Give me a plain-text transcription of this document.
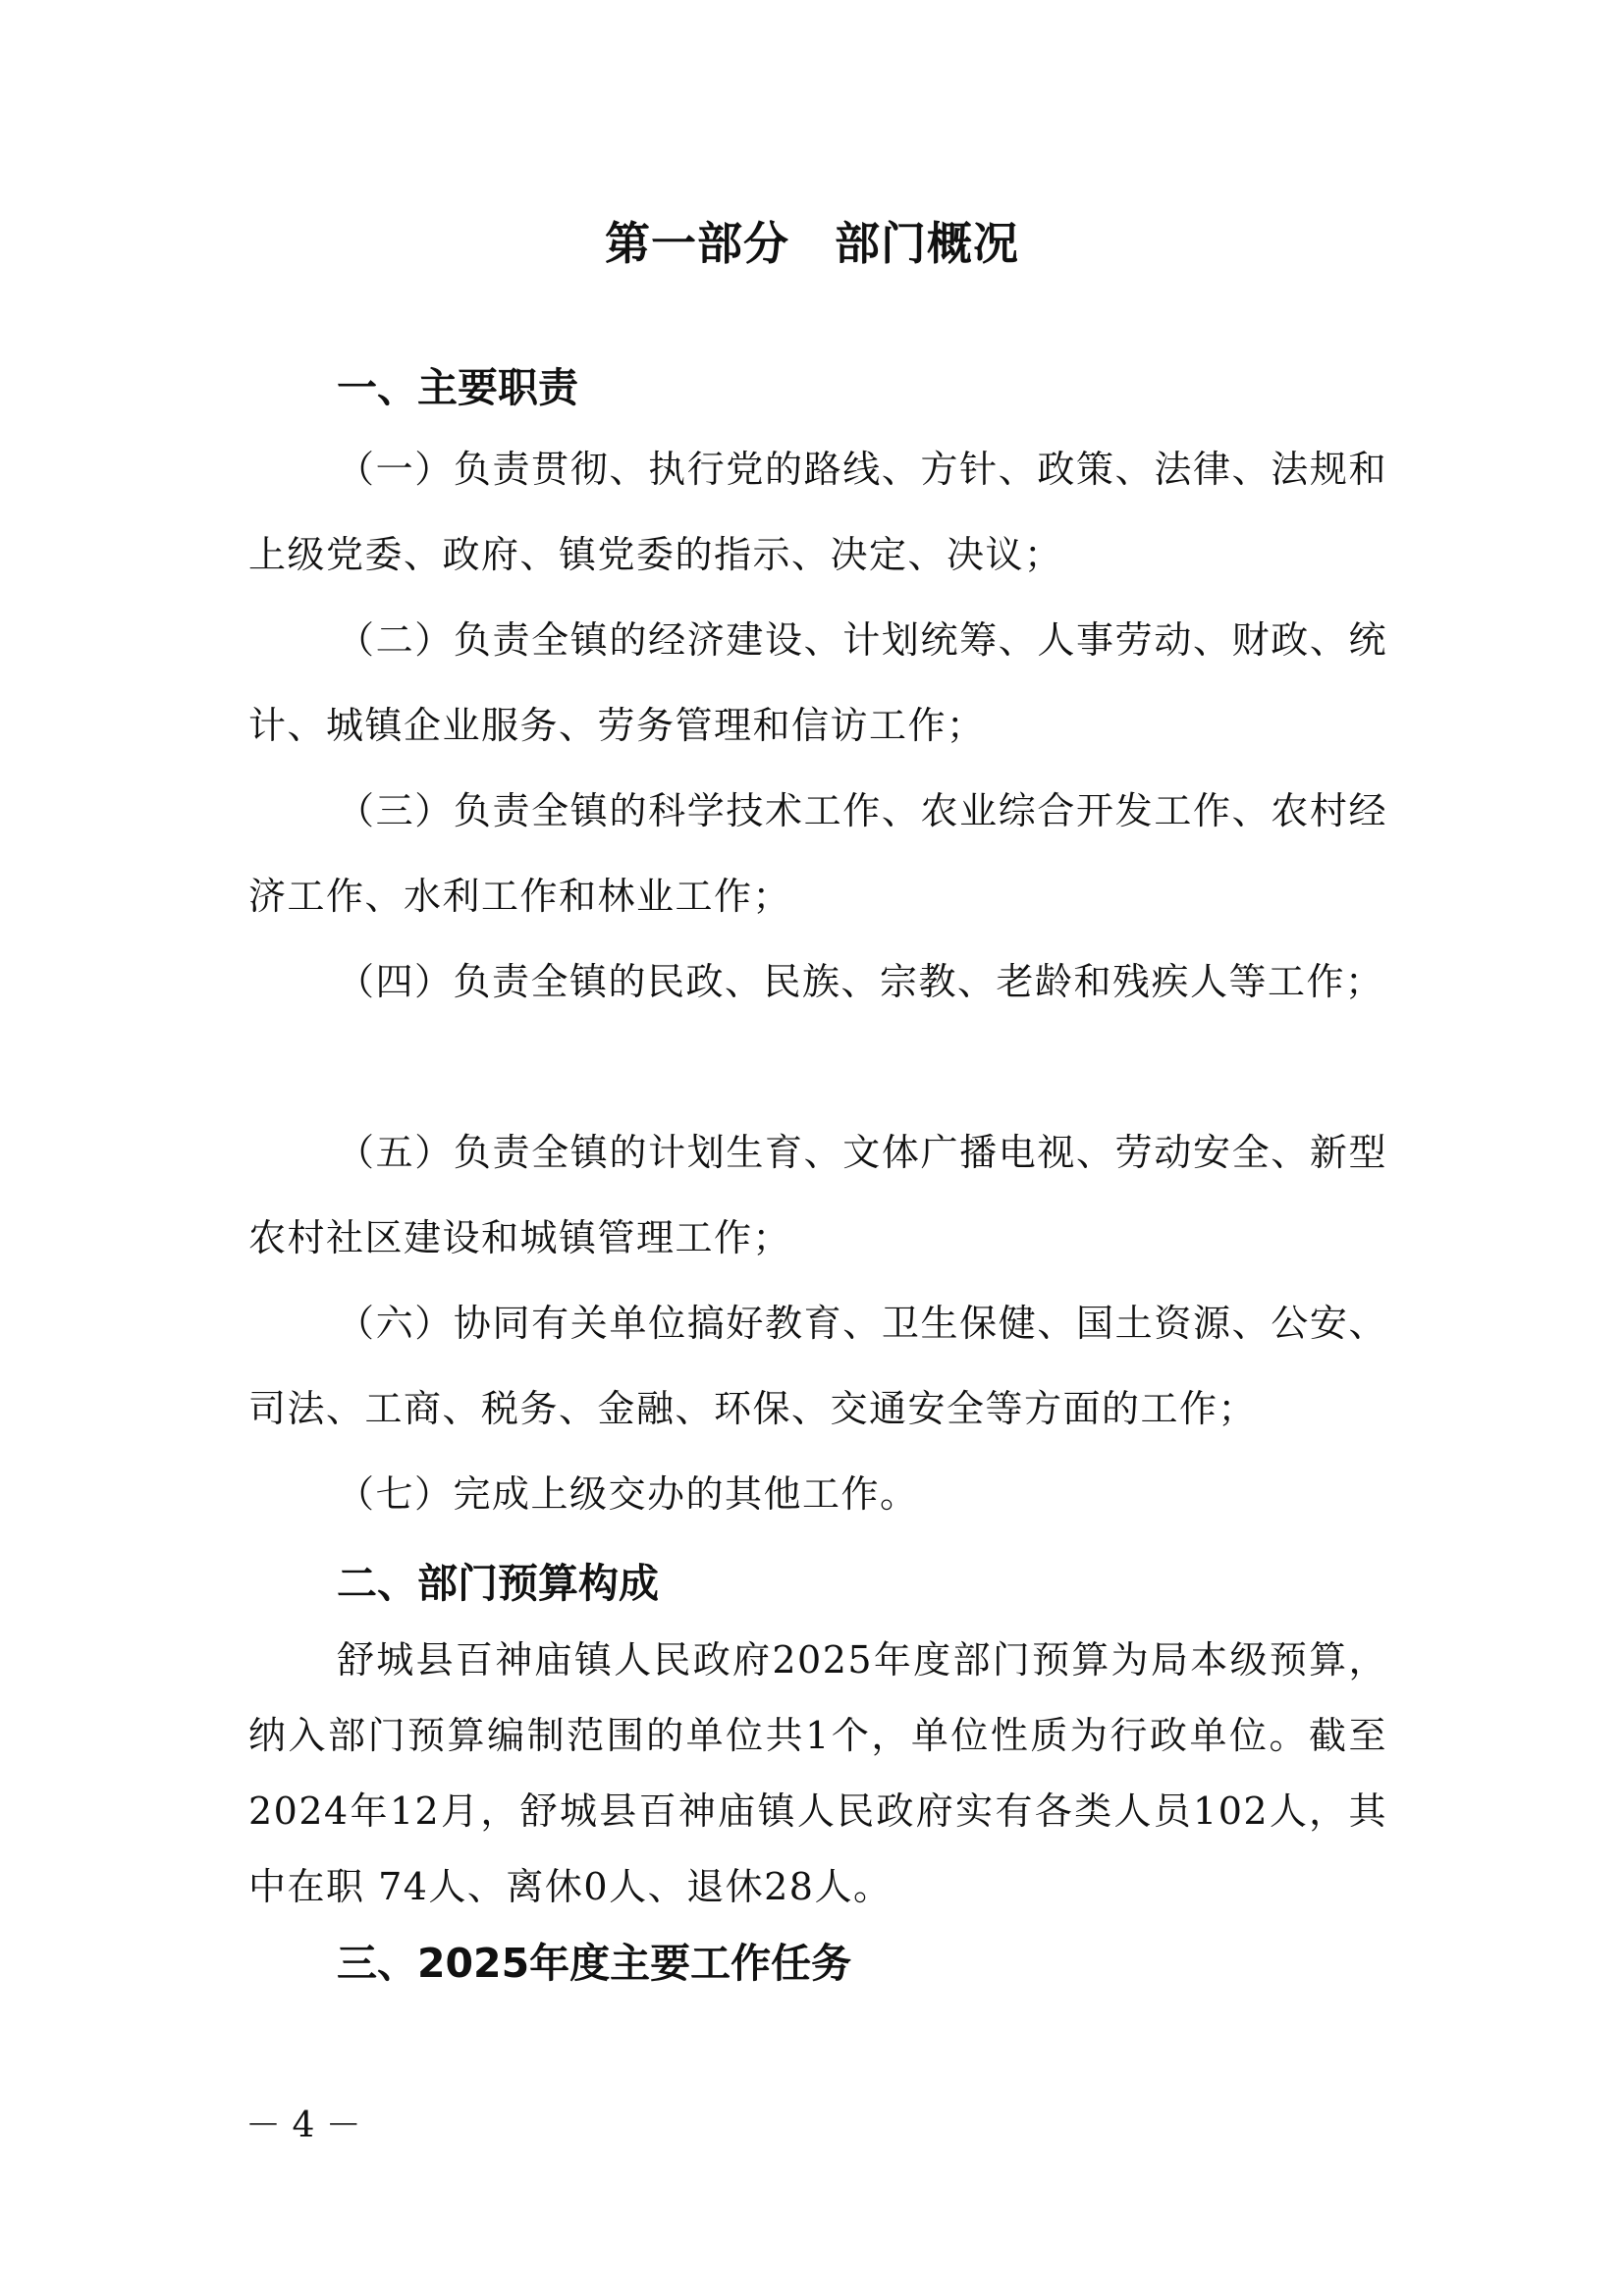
第一部分 部门概况
一、主要职责

（一）负责贯彻、执行党的路线、方针、政策、法律、法规和上级党委、政府、镇党委的指示、决定、决议；

（二）负责全镇的经济建设、计划统筹、人事劳动、财政、统计、城镇企业服务、劳务管理和信访工作；

（三）负责全镇的科学技术工作、农业综合开发工作、农村经济工作、水利工作和林业工作；

（四）负责全镇的民政、民族、宗教、老龄和残疾人等工作；

（五）负责全镇的计划生育、文体广播电视、劳动安全、新型农村社区建设和城镇管理工作；

（六）协同有关单位搞好教育、卫生保健、国土资源、公安、司法、工商、税务、金融、环保、交通安全等方面的工作；

（七）完成上级交办的其他工作。

二、部门预算构成

舒城县百神庙镇人民政府2025年度部门预算为局本级预算，纳入部门预算编制范围的单位共1个，单位性质为行政单位。截至2024年12月，舒城县百神庙镇人民政府实有各类人员102人，其中在职 74人、离休0人、退休28人。

三、2025年度主要工作任务
－ 4 －
